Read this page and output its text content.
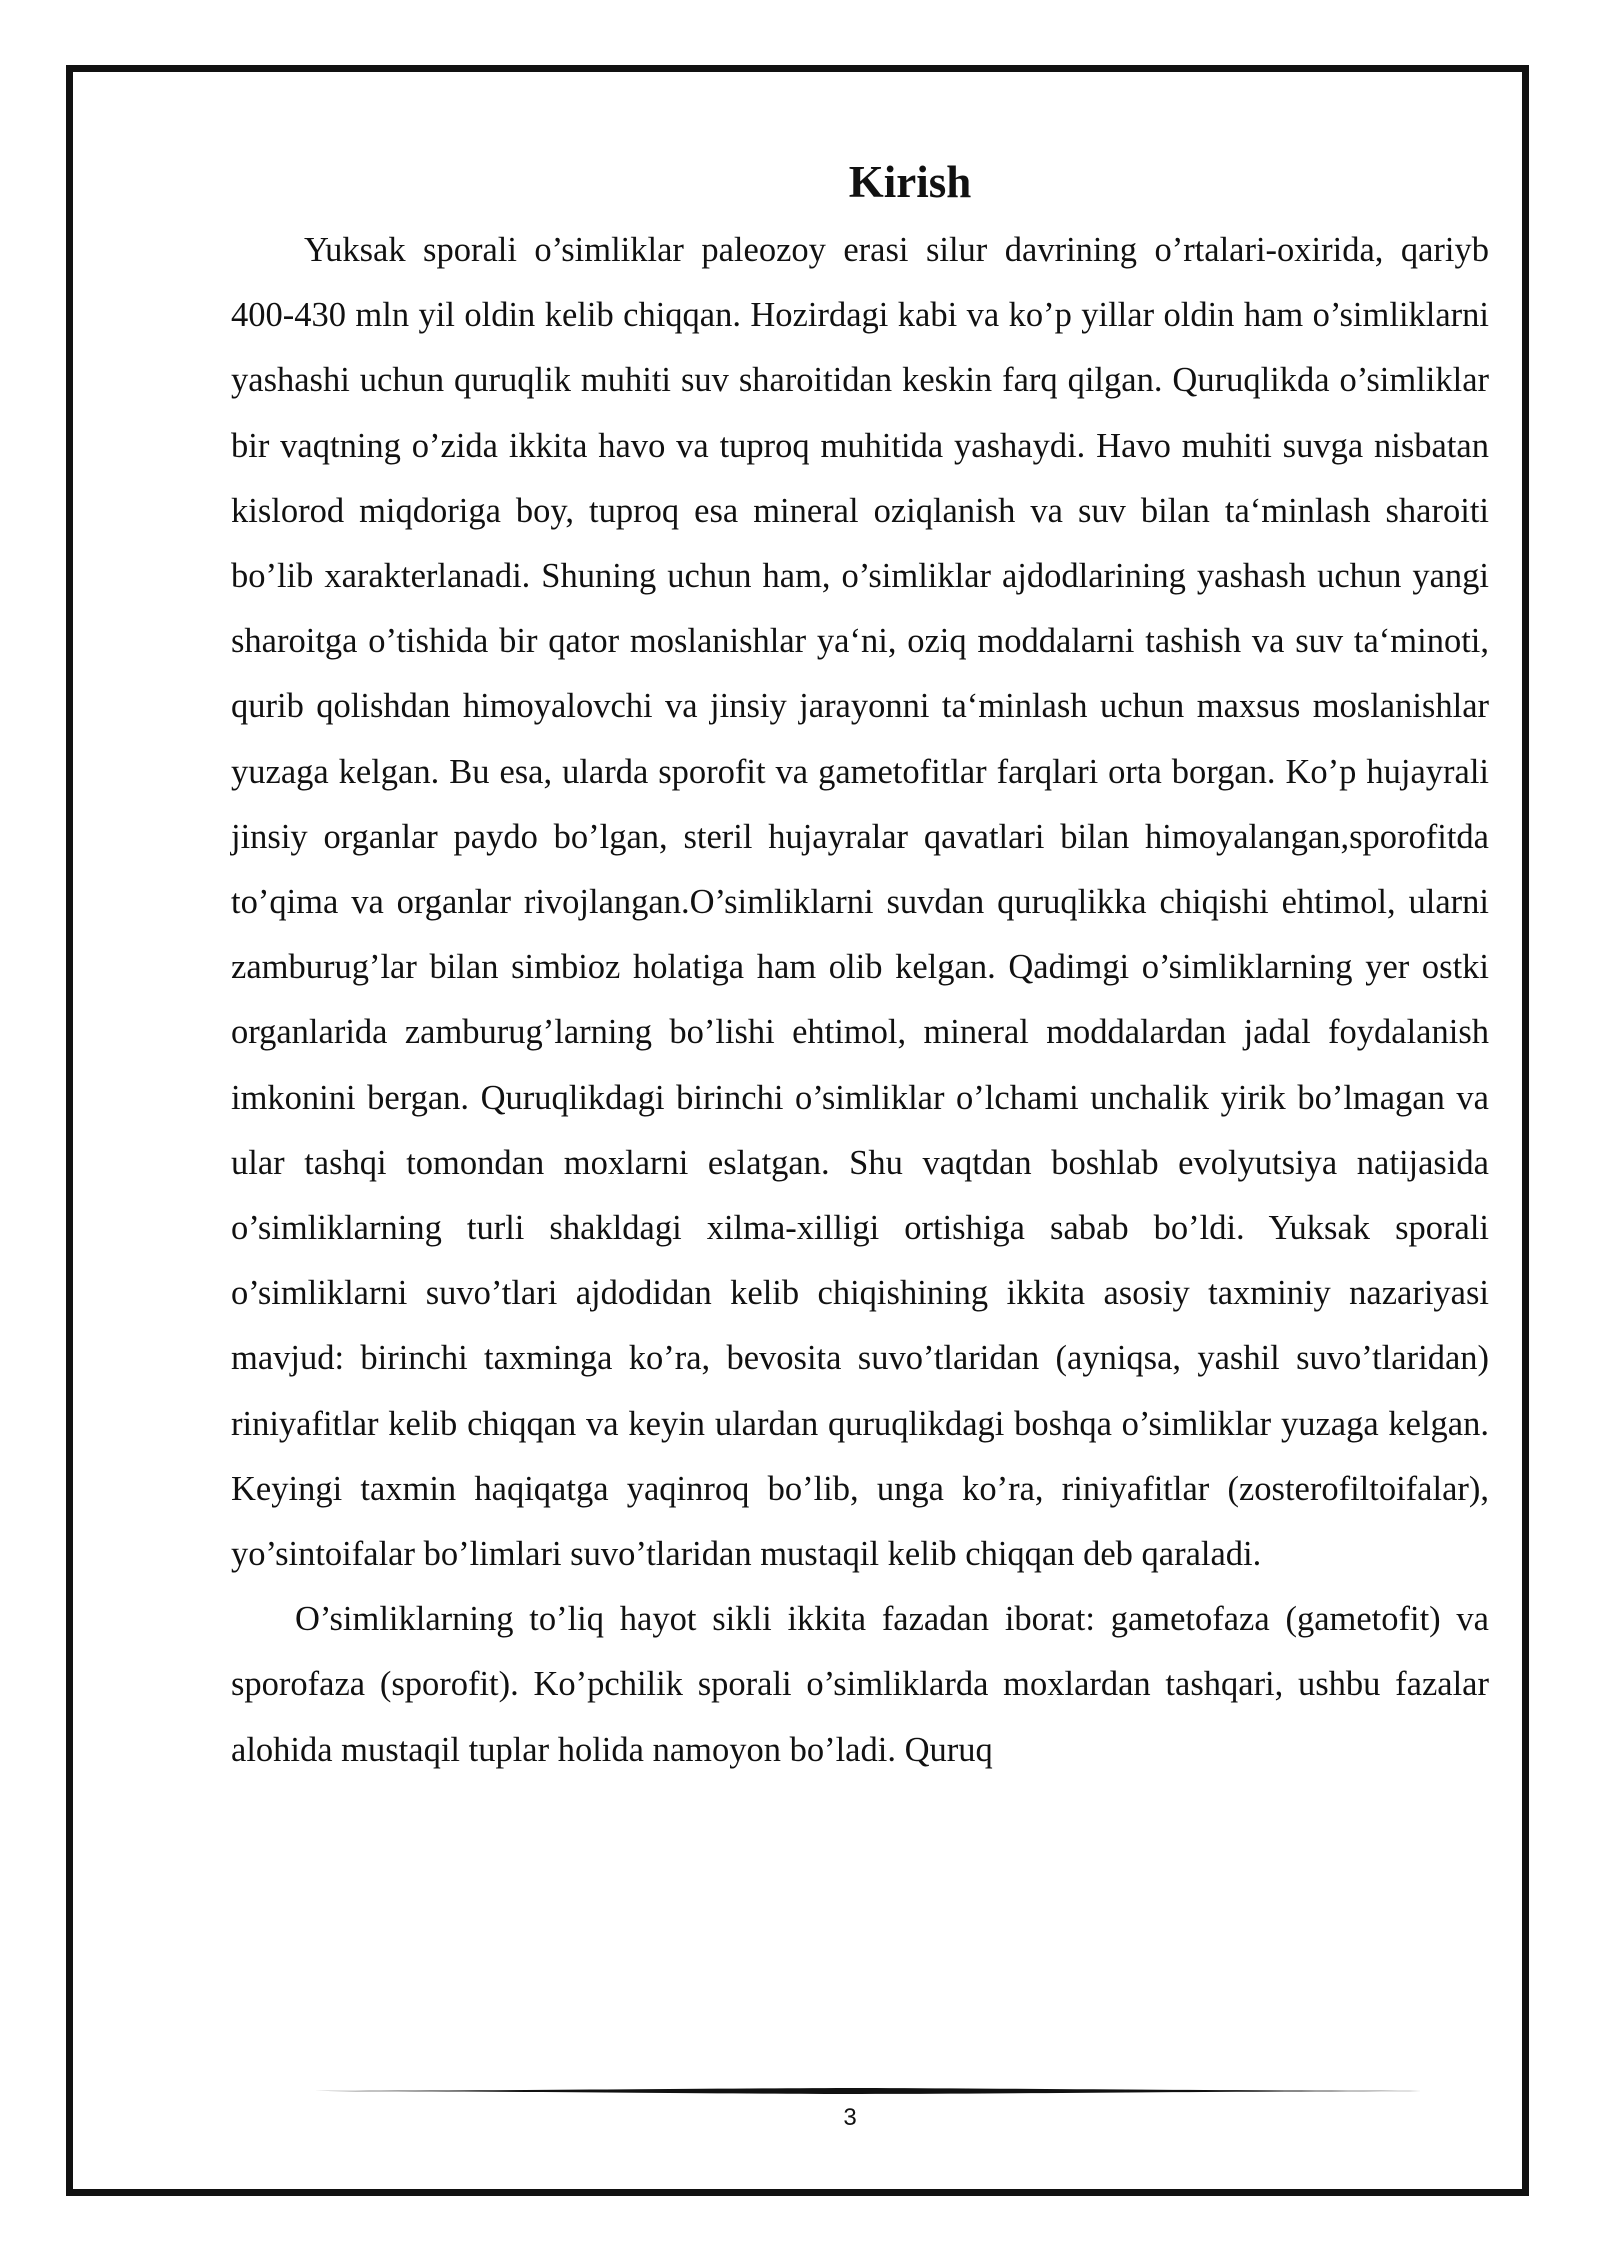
Kirish

Yuksak sporali o’simliklar paleozoy erasi silur davrining o’rtalari-oxirida, qariyb 400-430 mln yil oldin kelib chiqqan. Hozirdagi kabi va ko’p yillar oldin ham o’simliklarni yashashi uchun quruqlik muhiti suv sharoitidan keskin farq qilgan. Quruqlikda o’simliklar bir vaqtning o’zida ikkita havo va tuproq muhitida yashaydi. Havo muhiti suvga nisbatan kislorod miqdoriga boy, tuproq esa mineral oziqlanish va suv bilan ta‘minlash sharoiti bo’lib xarakterlanadi. Shuning uchun ham, o’simliklar ajdodlarining yashash uchun yangi sharoitga o’tishida bir qator moslanishlar ya‘ni, oziq moddalarni tashish va suv ta‘minoti, qurib qolishdan himoyalovchi va jinsiy jarayonni ta‘minlash uchun maxsus moslanishlar yuzaga kelgan. Bu esa, ularda sporofit va gametofitlar farqlari orta borgan. Ko’p hujayrali jinsiy organlar paydo bo’lgan, steril hujayralar qavatlari bilan himoyalangan,sporofitda to’qima va organlar rivojlangan.O’simliklarni suvdan quruqlikka chiqishi ehtimol, ularni zamburug’lar bilan simbioz holatiga ham olib kelgan. Qadimgi o’simliklarning yer ostki organlarida zamburug’larning bo’lishi ehtimol, mineral moddalardan jadal foydalanish imkonini bergan. Quruqlikdagi birinchi o’simliklar o’lchami unchalik yirik bo’lmagan va ular tashqi tomondan moxlarni eslatgan. Shu vaqtdan boshlab evolyutsiya natijasida o’simliklarning turli shakldagi xilma-xilligi ortishiga sabab bo’ldi. Yuksak sporali o’simliklarni suvo’tlari ajdodidan kelib chiqishining ikkita asosiy taxminiy nazariyasi mavjud: birinchi taxminga ko’ra, bevosita suvo’tlaridan (ayniqsa, yashil suvo’tlaridan) riniyafitlar kelib chiqqan va keyin ulardan quruqlikdagi boshqa o’simliklar yuzaga kelgan. Keyingi taxmin haqiqatga yaqinroq bo’lib, unga ko’ra, riniyafitlar (zosterofiltoifalar), yo’sintoifalar bo’limlari suvo’tlaridan mustaqil kelib chiqqan deb qaraladi.

O’simliklarning to’liq hayot sikli ikkita fazadan iborat: gametofaza (gametofit) va sporofaza (sporofit). Ko’pchilik sporali o’simliklarda moxlardan tashqari, ushbu fazalar alohida mustaqil tuplar holida namoyon bo’ladi. Quruq

3
